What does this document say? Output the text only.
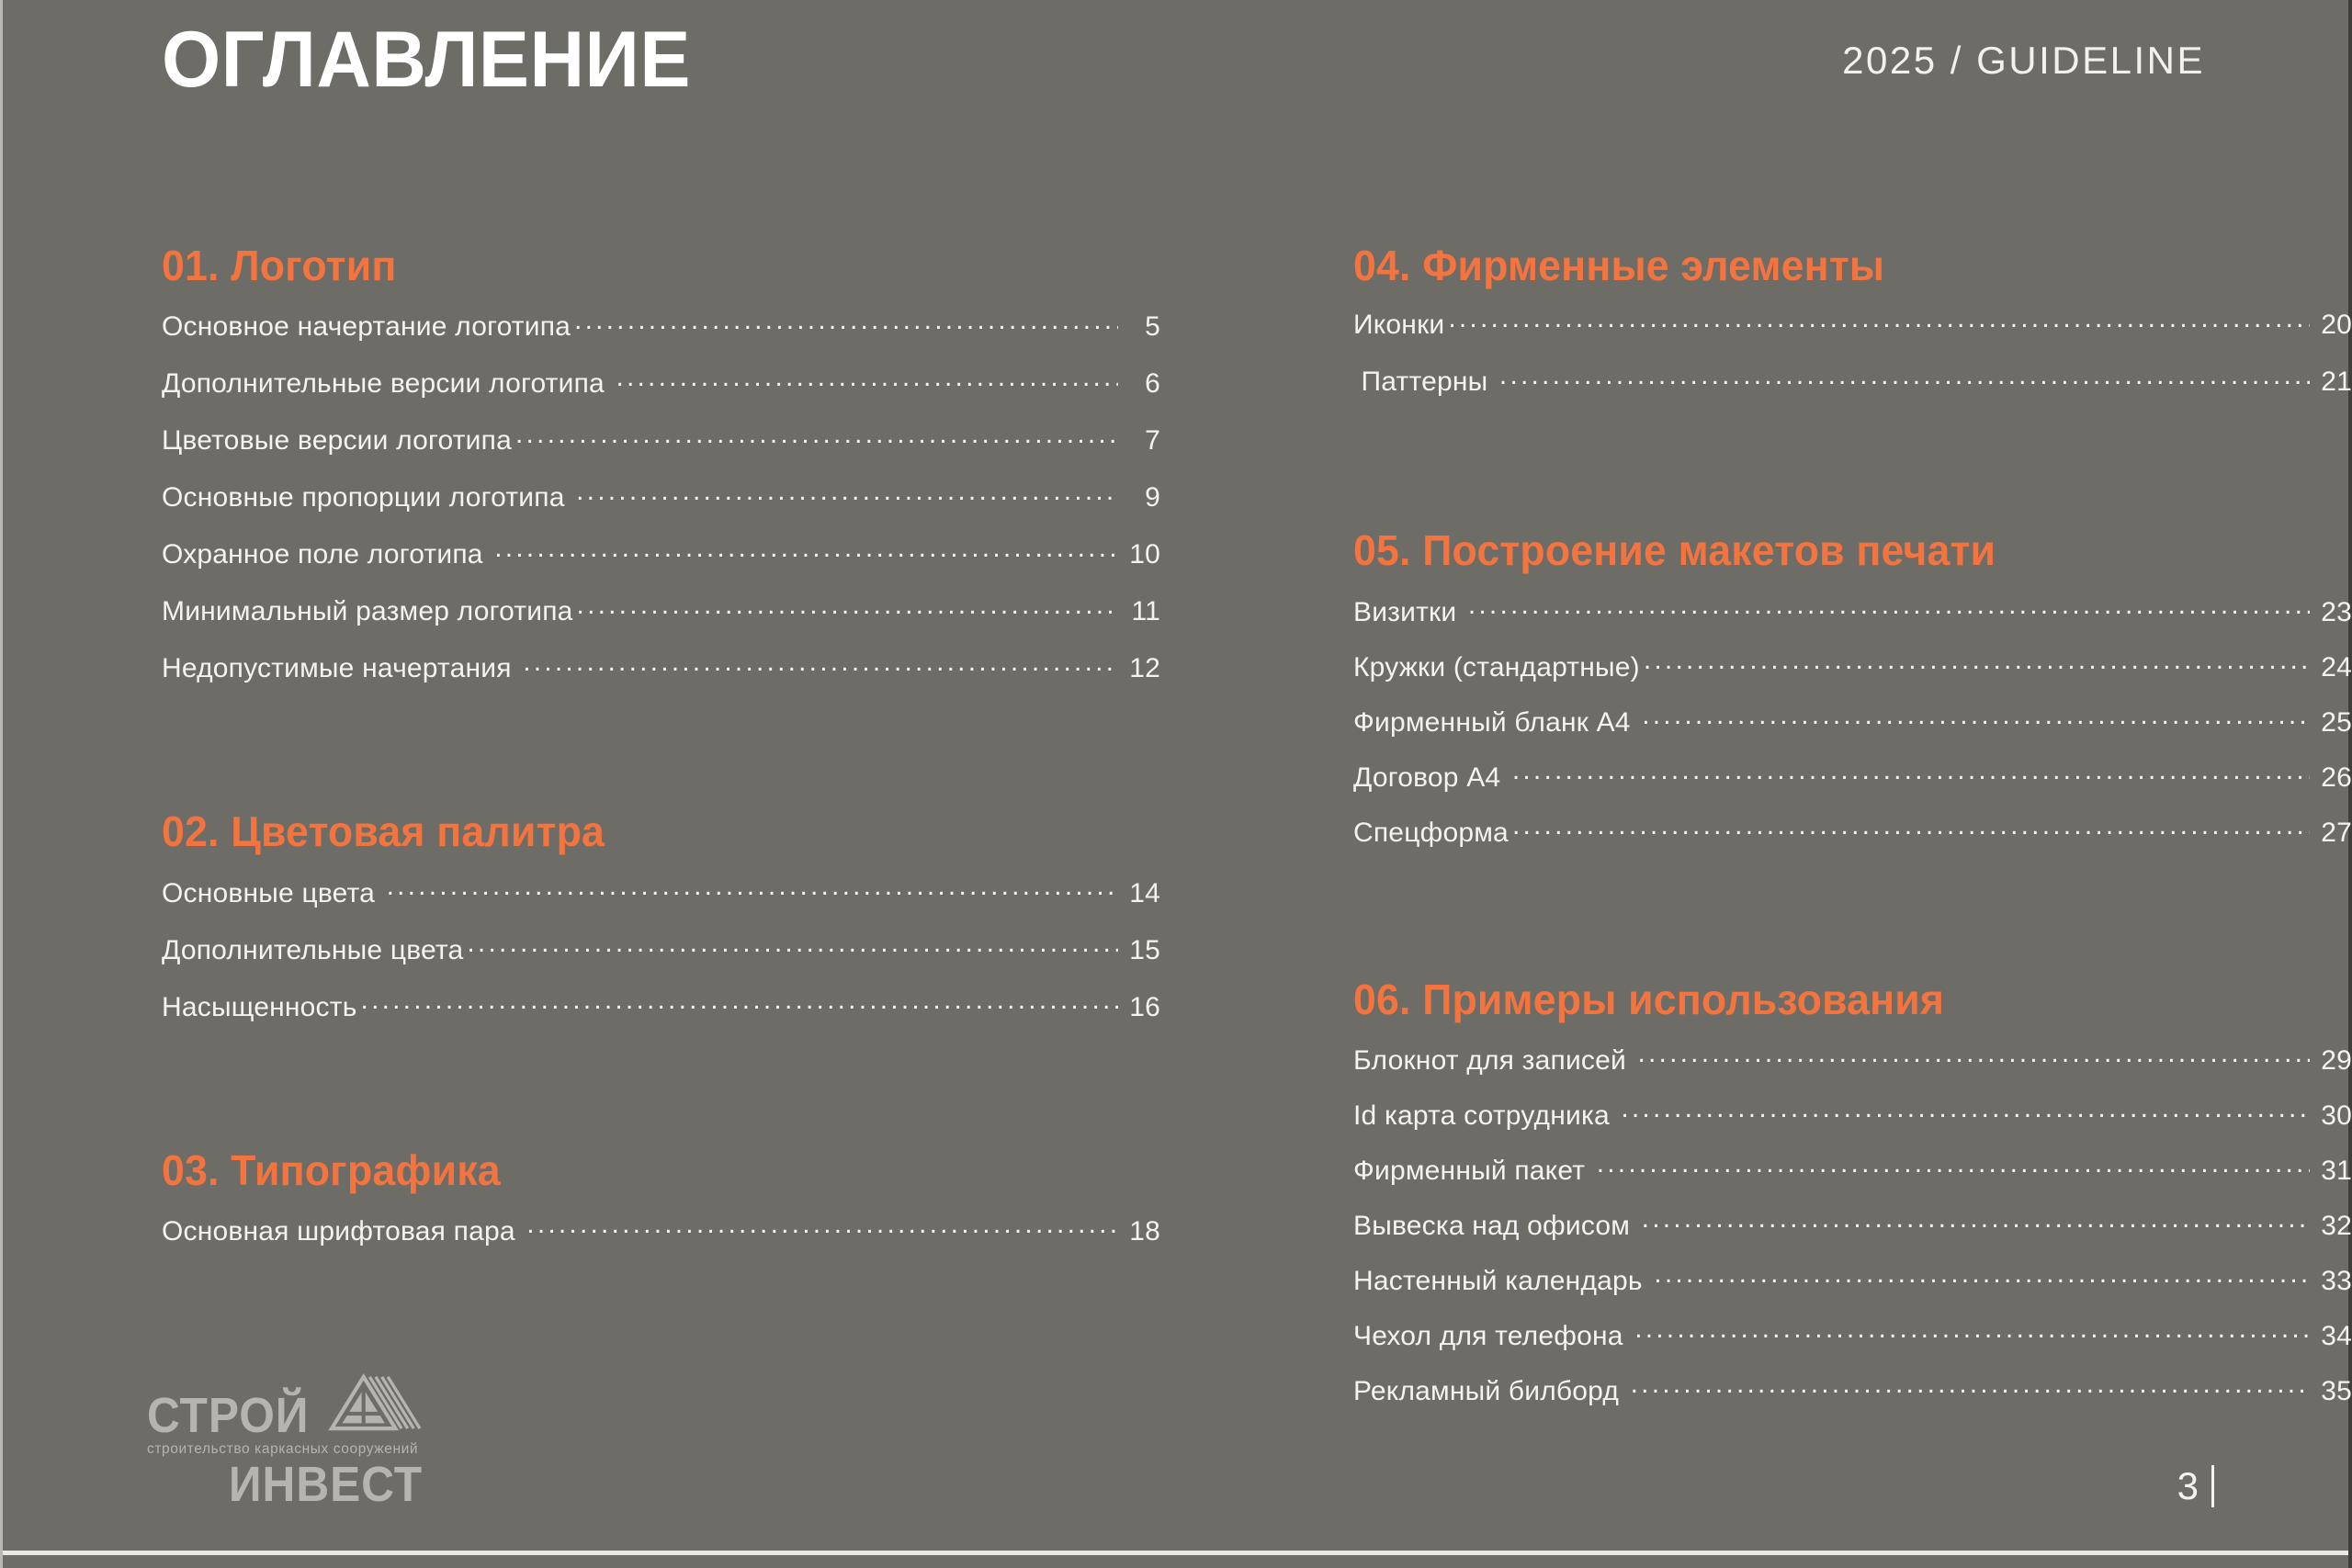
ОГЛАВЛЕНИЕ	2025 / GUIDELINE
01. Логотип
Основное начертание логотипа .....	5
Дополнительные версии логотипа .....	6
Цветовые версии логотипа .....	7
Основные пропорции логотипа .....	9
Охранное поле логотипа .....	10
Минимальный размер логотипа .....	11
Недопустимые начертания .....	12
02. Цветовая палитра
Основные цвета .....	14
Дополнительные цвета .....	15
Насыщенность .....	16
03. Типографика
Основная шрифтовая пара .....	18
04. Фирменные элементы
Иконки .....	20
Паттерны .....	21
05. Построение макетов печати
Визитки .....	23
Кружки (стандартные) .....	24
Фирменный бланк А4 .....	25
Договор А4 .....	26
Спецформа .....	27
06. Примеры использования
Блокнот для записей .....	29
Id карта сотрудника .....	30
Фирменный пакет .....	31
Вывеска над офисом .....	32
Настенный календарь .....	33
Чехол для телефона .....	34
Рекламный билборд .....	35
СТРОЙ
строительство каркасных сооружений
ИНВЕСТ	3
